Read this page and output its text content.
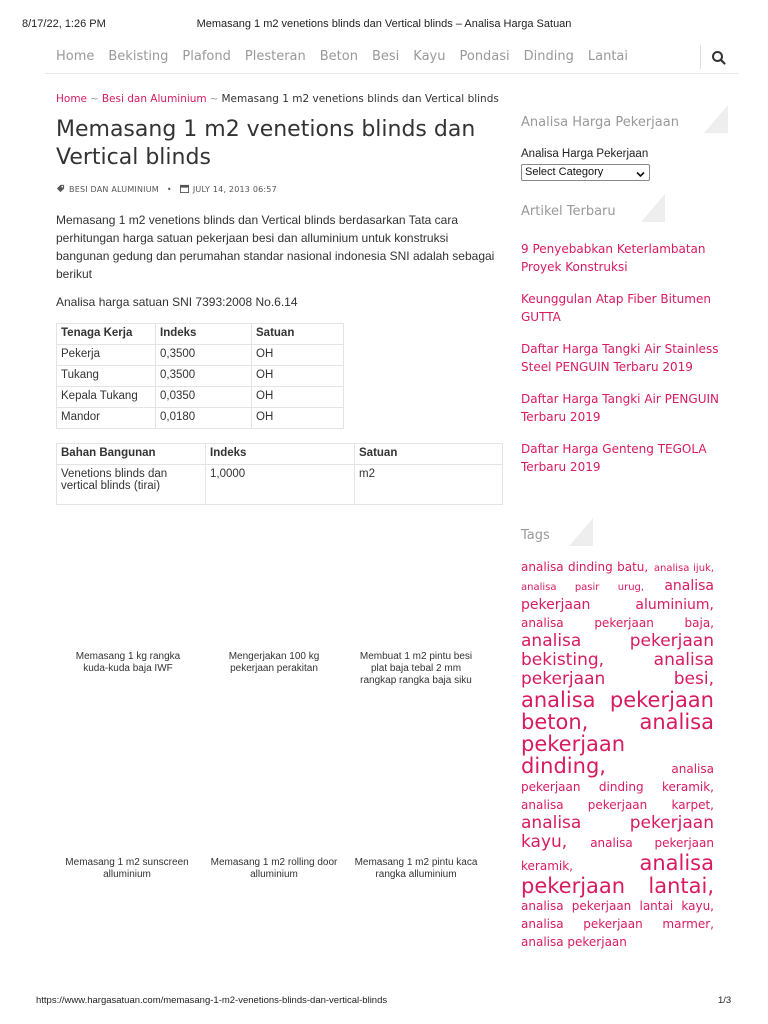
8/17/22, 1:26 PM	Memasang 1 m2 venetions blinds dan Vertical blinds – Analisa Harga Satuan
Home Bekisting Plafond Plesteran Beton Besi Kayu Pondasi Dinding Lantai
Home ~ Besi dan Aluminium ~ Memasang 1 m2 venetions blinds dan Vertical blinds
Memasang 1 m2 venetions blinds dan Vertical blinds
BESI DAN ALUMINIUM •	JULY 14, 2013 06:57

Memasang 1 m2 venetions blinds dan Vertical blinds berdasarkan Tata cara perhitungan harga satuan pekerjaan besi dan alluminium untuk konstruksi bangunan gedung dan perumahan standar nasional indonesia SNI adalah sebagai berikut

Analisa harga satuan SNI 7393:2008 No.6.14

Tenaga Kerja	Indeks	Satuan
Pekerja	0,3500	OH
Tukang	0,3500	OH
Kepala Tukang	0,0350	OH
Mandor	0,0180	OH
Bahan Bangunan	Indeks	Satuan
Venetions blinds dan vertical blinds (tirai)	1,0000	m2
Memasang 1 kg rangka kuda-kuda baja IWF
Mengerjakan 100 kg pekerjaan perakitan
Membuat 1 m2 pintu besi plat baja tebal 2 mm rangkap rangka baja siku
Memasang 1 m2 sunscreen alluminium
Memasang 1 m2 rolling door alluminium
Memasang 1 m2 pintu kaca rangka alluminium
Analisa Harga Pekerjaan
Analisa Harga Pekerjaan
Select Category
Artikel Terbaru
9 Penyebabkan Keterlambatan Proyek Konstruksi
Keunggulan Atap Fiber Bitumen GUTTA
Daftar Harga Tangki Air Stainless Steel PENGUIN Terbaru 2019
Daftar Harga Tangki Air PENGUIN Terbaru 2019
Daftar Harga Genteng TEGOLA Terbaru 2019
Tags
analisa dinding batu, analisa ijuk, analisa pasir urug, analisa pekerjaan aluminium, analisa pekerjaan baja, analisa pekerjaan bekisting,	analisa pekerjaan besi, analisa pekerjaan beton, analisa pekerjaan dinding,	analisa pekerjaan dinding keramik, analisa pekerjaan karpet, analisa pekerjaan kayu, analisa pekerjaan keramik,	analisa pekerjaan lantai, analisa pekerjaan lantai kayu, analisa pekerjaan marmer, analisa pekerjaan
https://www.hargasatuan.com/memasang-1-m2-venetions-blinds-dan-vertical-blinds	1/3
